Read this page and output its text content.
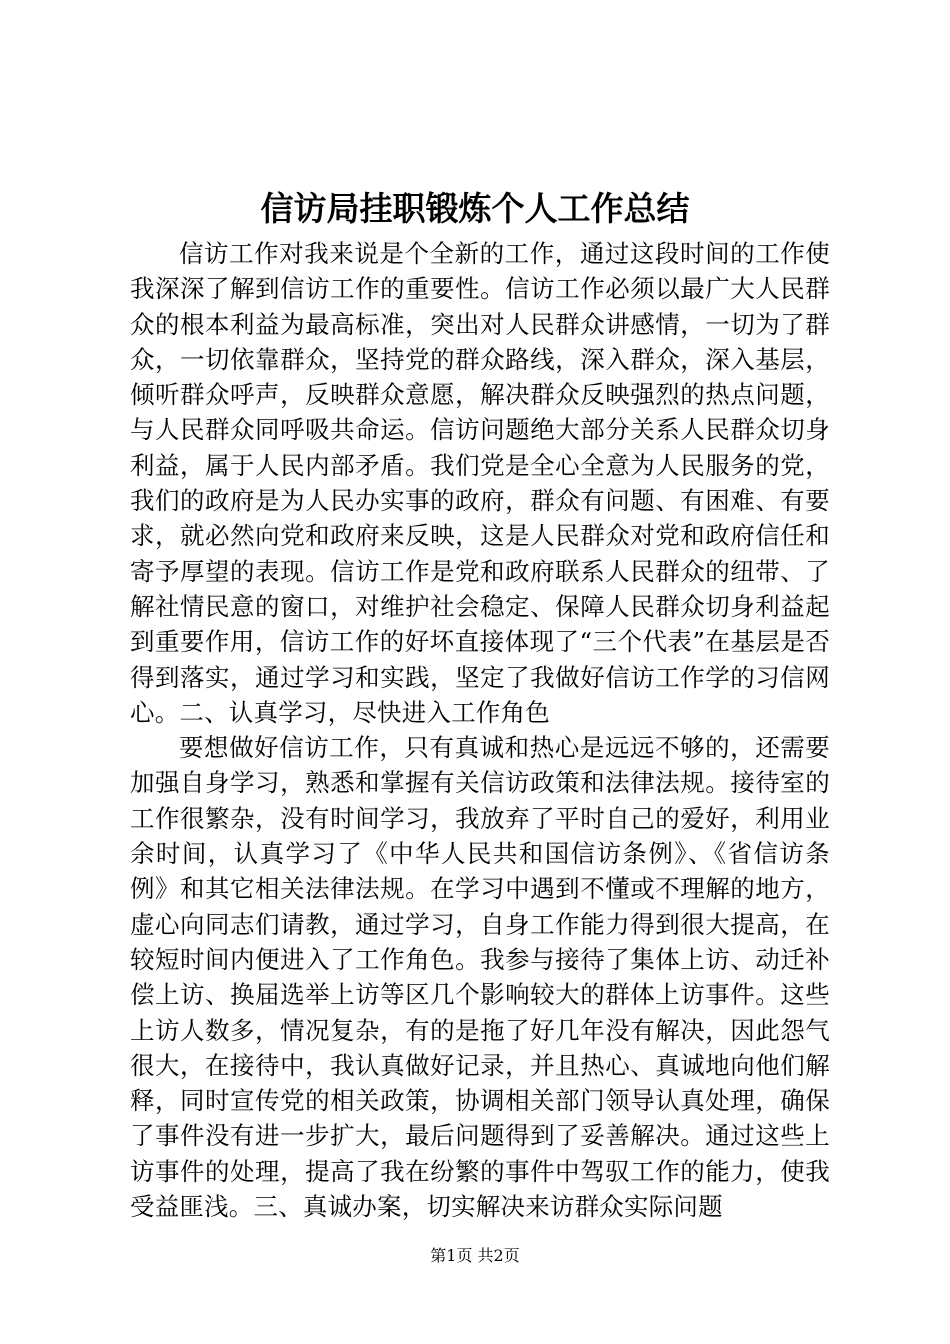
信访局挂职锻炼个人工作总结

信访工作对我来说是个全新的工作，通过这段时间的工作使我深深了解到信访工作的重要性。信访工作必须以最广大人民群众的根本利益为最高标准，突出对人民群众讲感情，一切为了群众，一切依靠群众，坚持党的群众路线，深入群众，深入基层，倾听群众呼声，反映群众意愿，解决群众反映强烈的热点问题，与人民群众同呼吸共命运。信访问题绝大部分关系人民群众切身利益，属于人民内部矛盾。我们党是全心全意为人民服务的党，我们的政府是为人民办实事的政府，群众有问题、有困难、有要求，就必然向党和政府来反映，这是人民群众对党和政府信任和寄予厚望的表现。信访工作是党和政府联系人民群众的纽带、了解社情民意的窗口，对维护社会稳定、保障人民群众切身利益起到重要作用，信访工作的好坏直接体现了“三个代表”在基层是否得到落实，通过学习和实践，坚定了我做好信访工作学的习信网心。二、认真学习，尽快进入工作角色

要想做好信访工作，只有真诚和热心是远远不够的，还需要加强自身学习，熟悉和掌握有关信访政策和法律法规。接待室的工作很繁杂，没有时间学习，我放弃了平时自己的爱好，利用业余时间，认真学习了《中华人民共和国信访条例》、《省信访条例》和其它相关法律法规。在学习中遇到不懂或不理解的地方，虚心向同志们请教，通过学习，自身工作能力得到很大提高，在较短时间内便进入了工作角色。我参与接待了集体上访、动迁补偿上访、换届选举上访等区几个影响较大的群体上访事件。这些上访人数多，情况复杂，有的是拖了好几年没有解决，因此怨气很大，在接待中，我认真做好记录，并且热心、真诚地向他们解释，同时宣传党的相关政策，协调相关部门领导认真处理，确保了事件没有进一步扩大，最后问题得到了妥善解决。通过这些上访事件的处理，提高了我在纷繁的事件中驾驭工作的能力，使我受益匪浅。三、真诚办案，切实解决来访群众实际问题

第1页 共2页
